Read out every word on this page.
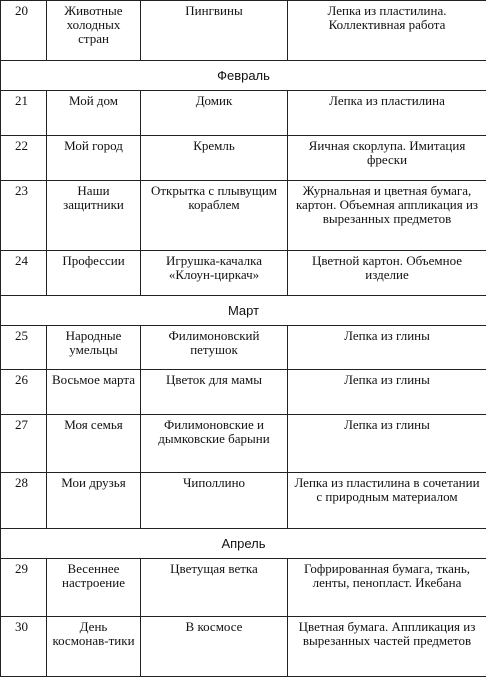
20	Животные холодных стран	Пингвины	Лепка из пластилина. Коллективная работа
Февраль			
21	Мой дом	Домик	Лепка из пластилина
22	Мой город	Кремль	Яичная скорлупа. Имитация фрески
23	Наши защитники	Открытка с плывущим кораблем	Журнальная и цветная бумага, картон. Объемная аппликация из вырезанных предметов
24	Профессии	Игрушка-качалка «Клоун-циркач»	Цветной картон. Объемное изделие
Март			
25	Народные умельцы	Филимоновский петушок	Лепка из глины
26	Восьмое марта	Цветок для мамы	Лепка из глины
27	Моя семья	Филимоновские и дымковские барыни	Лепка из глины
28	Мои друзья	Чиполлино	Лепка из пластилина в сочетании с природным материалом
Апрель			
29	Весеннее настроение	Цветущая ветка	Гофрированная бумага, ткань, ленты, пенопласт. Икебана
30	День космонав-тики	В космосе	Цветная бумага. Аппликация из вырезанных частей предметов
